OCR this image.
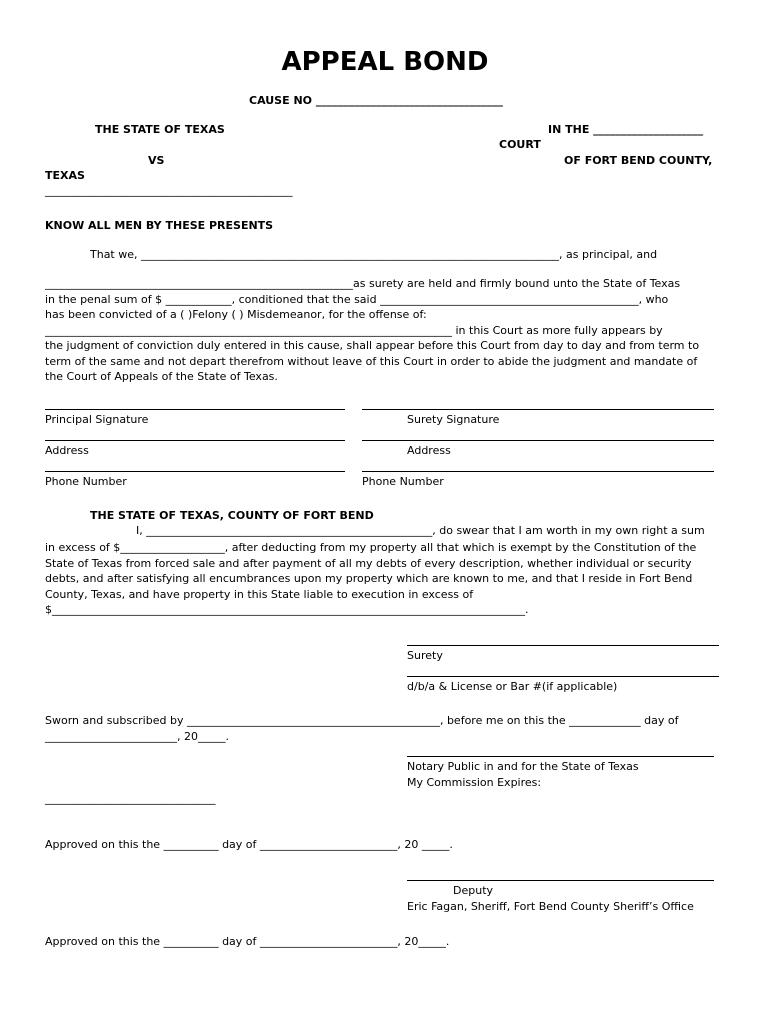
APPEAL BOND
CAUSE NO __________________________________
THE STATE OF TEXAS	IN THE ____________________
COURT
VS	OF FORT BEND COUNTY,
TEXAS
_____________________________________________
KNOW ALL MEN BY THESE PRESENTS
That we, ____________________________________________________________________________, as principal, and
________________________________________________________as surety are held and firmly bound unto the State of Texas
in the penal sum of $ ____________, conditioned that the said _______________________________________________, who
has been convicted of a ( )Felony ( ) Misdemeanor, for the offense of:
__________________________________________________________________________ in this Court as more fully appears by
the judgment of conviction duly entered in this cause, shall appear before this Court from day to day and from term to
term of the same and not depart therefrom without leave of this Court in order to abide the judgment and mandate of
the Court of Appeals of the State of Texas.
Principal Signature	Surety Signature
Address	Address
Phone Number	Phone Number
THE STATE OF TEXAS, COUNTY OF FORT BEND
I, ____________________________________________________, do swear that I am worth in my own right a sum
in excess of $___________________, after deducting from my property all that which is exempt by the Constitution of the
State of Texas from forced sale and after payment of all my debts of every description, whether individual or security
debts, and after satisfying all encumbrances upon my property which are known to me, and that I reside in Fort Bend
County, Texas, and have property in this State liable to execution in excess of
$______________________________________________________________________________________.
Surety
d/b/a & License or Bar #(if applicable)
Sworn and subscribed by ______________________________________________, before me on this the _____________ day of
________________________, 20_____.
Notary Public in and for the State of Texas
My Commission Expires:
_______________________________
Approved on this the __________ day of _________________________, 20 _____.
Deputy
Eric Fagan, Sheriff, Fort Bend County Sheriff’s Office
Approved on this the __________ day of _________________________, 20_____.
